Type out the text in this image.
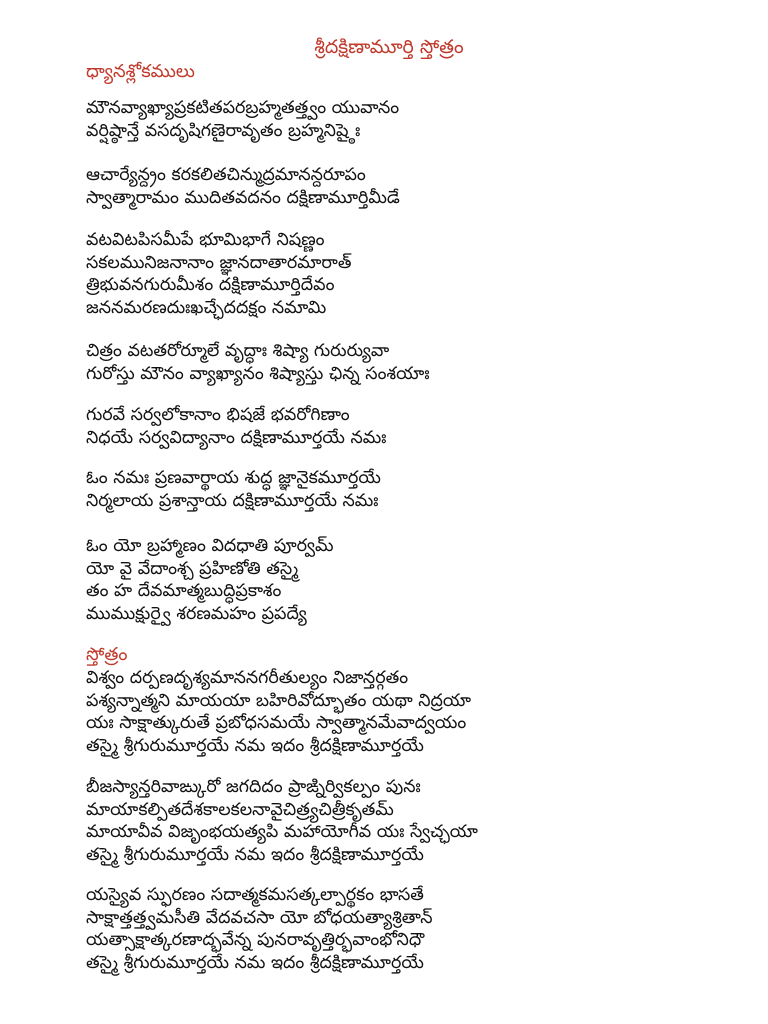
శ్రీదక్షిణామూర్తి స్తోత్రం
ధ్యానశ్లోకములు
మౌనవ్యాఖ్యాప్రకటితపరబ్రహ్మతత్త్వం యువానం
వర్షిష్ఠాన్తే వసదృషిగణైరావృతం బ్రహ్మనిష్ఠైః
ఆచార్యేన్ద్రం కరకలితచిన్ముద్రమానన్దరూపం
స్వాత్మారామం ముదితవదనం దక్షిణామూర్తిమీడే
వటవిటపిసమీపే భూమిభాగే నిషణ్ణం
సకలమునిజనానాం జ్ఞానదాతారమారాత్
త్రిభువనగురుమీశం దక్షిణామూర్తిదేవం
జననమరణదుఃఖచ్ఛేదదక్షం నమామి
చిత్రం వటతరోర్మూలే వృద్ధాః శిష్యా గురుర్యువా
గురోస్తు మౌనం వ్యాఖ్యానం శిష్యాస్తు ఛిన్న సంశయాః
గురవే సర్వలోకానాం భిషజే భవరోగిణాం
నిధయే సర్వవిద్యానాం దక్షిణామూర్తయే నమః
ఓం నమః ప్రణవార్థాయ శుద్ధ జ్ఞానైకమూర్తయే
నిర్మలాయ ప్రశాన్తాయ దక్షిణామూర్తయే నమః
ఓం యో బ్రహ్మాణం విదధాతి పూర్వమ్
యో వై వేదాంశ్చ ప్రహిణోతి తస్మై
తం హ దేవమాత్మబుద్ధిప్రకాశం
ముముక్షుర్వై శరణమహం ప్రపద్యే
స్తోత్రం
విశ్వం దర్పణదృశ్యమాననగరీతుల్యం నిజాన్తర్గతం
పశ్యన్నాత్మని మాయయా బహిరివోద్భూతం యథా నిద్రయా
యః సాక్షాత్కురుతే ప్రబోధసమయే స్వాత్మానమేవాద్వయం
తస్మై శ్రీగురుమూర్తయే నమ ఇదం శ్రీదక్షిణామూర్తయే
బీజస్యాన్తరివాఙ్కురో జగదిదం ప్రాఙ్నిర్వికల్పం పునః
మాయాకల్పితదేశకాలకలనావైచిత్ర్యచిత్రీకృతమ్
మాయావీవ విజృంభయత్యపి మహాయోగీవ యః స్వేచ్ఛయా
తస్మై శ్రీగురుమూర్తయే నమ ఇదం శ్రీదక్షిణామూర్తయే
యస్యైవ స్ఫురణం సదాత్మకమసత్కల్పార్థకం భాసతే
సాక్షాత్తత్త్వమసీతి వేదవచసా యో బోధయత్యాశ్రితాన్
యత్సాక్షాత్కరణాద్భవేన్న పునరావృత్తిర్భవాంభోనిధౌ
తస్మై శ్రీగురుమూర్తయే నమ ఇదం శ్రీదక్షిణామూర్తయే
